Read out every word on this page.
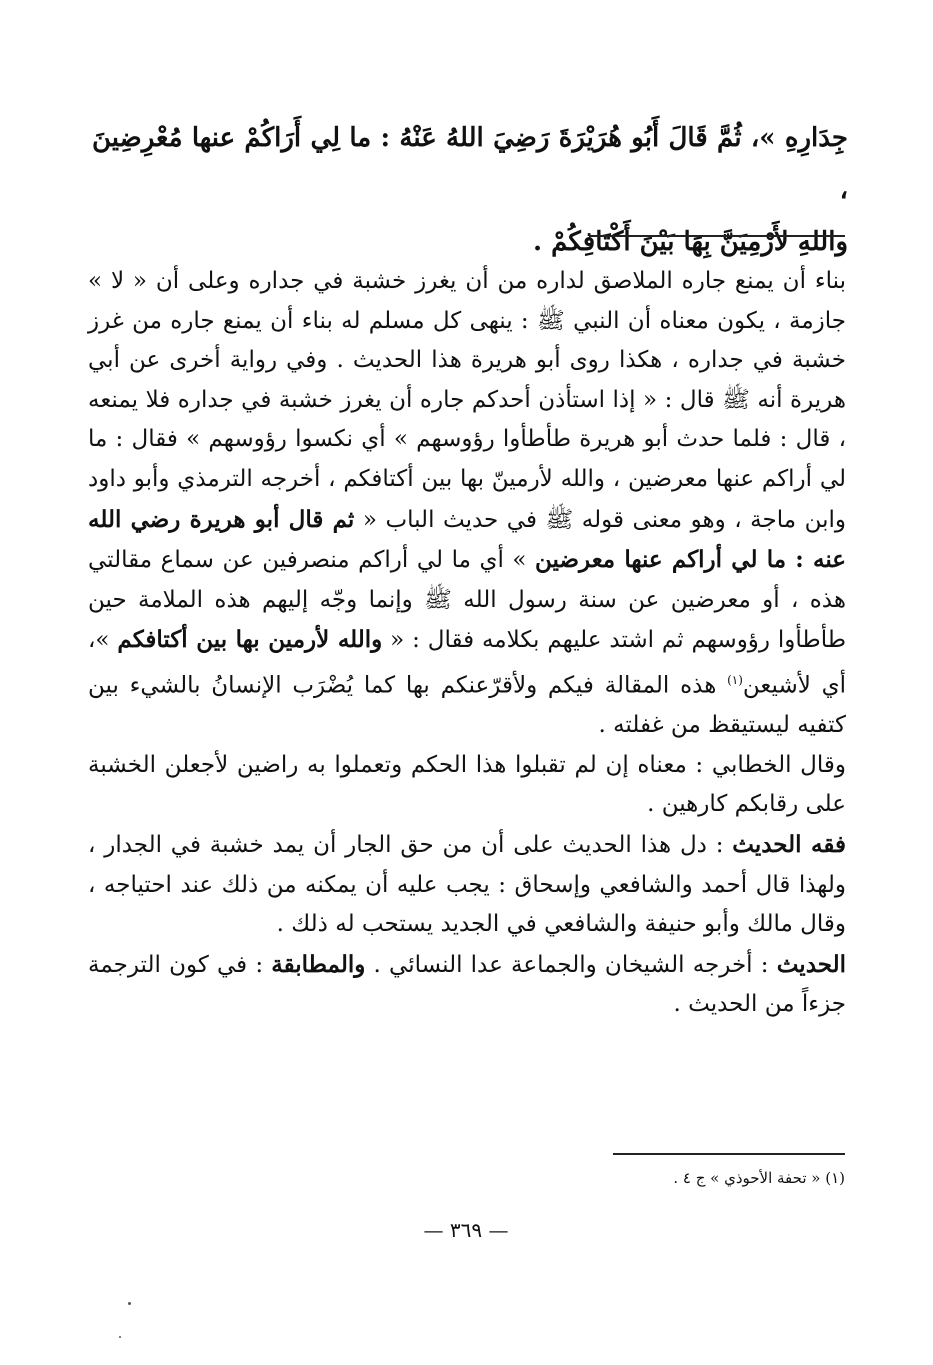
جِدَارِهِ »، ثُمَّ قَالَ أَبُو هُرَيْرَةَ رَضِيَ اللهُ عَنْهُ : ما لِي أَرَاكُمْ عنها مُعْرِضِينَ ،
واللهِ لأَرْمِيَنَّ بِهَا بَيْنَ أَكْتَافِكُمْ .

بناء أن يمنع جاره الملاصق لداره من أن يغرز خشبة في جداره وعلى أن « لا » جازمة ، يكون معناه أن النبي ﷺ : ينهى كل مسلم له بناء أن يمنع جاره من غرز خشبة في جداره ، هكذا روى أبو هريرة هذا الحديث . وفي رواية أخرى عن أبي هريرة أنه ﷺ قال : « إذا استأذن أحدكم جاره أن يغرز خشبة في جداره فلا يمنعه ، قال : فلما حدث أبو هريرة طأطأوا رؤوسهم » أي نكسوا رؤوسهم » فقال : ما لي أراكم عنها معرضين ، والله لأرمينّ بها بين أكتافكم ، أخرجه الترمذي وأبو داود وابن ماجة ، وهو معنى قوله ﷺ في حديث الباب « ثم قال أبو هريرة رضي الله عنه : ما لي أراكم عنها معرضين » أي ما لي أراكم منصرفين عن سماع مقالتي هذه ، أو معرضين عن سنة رسول الله ﷺ وإنما وجّه إليهم هذه الملامة حين طأطأوا رؤوسهم ثم اشتد عليهم بكلامه فقال : « والله لأرمين بها بين أكتافكم »، أي لأشيعن$^{(١)}$ هذه المقالة فيكم ولأقرّعنكم بها كما يُضْرَب الإنسانُ بالشيء بين كتفيه ليستيقظ من غفلته .

وقال الخطابي : معناه إن لم تقبلوا هذا الحكم وتعملوا به راضين لأجعلن الخشبة على رقابكم كارهين .

فقه الحديث : دل هذا الحديث على أن من حق الجار أن يمد خشبة في الجدار ، ولهذا قال أحمد والشافعي وإسحاق : يجب عليه أن يمكنه من ذلك عند احتياجه ، وقال مالك وأبو حنيفة والشافعي في الجديد يستحب له ذلك .

الحديث : أخرجه الشيخان والجماعة عدا النسائي . والمطابقة : في كون الترجمة جزءاً من الحديث .

(١) « تحفة الأحوذي » ج ٤ .
— ٣٦٩ —
